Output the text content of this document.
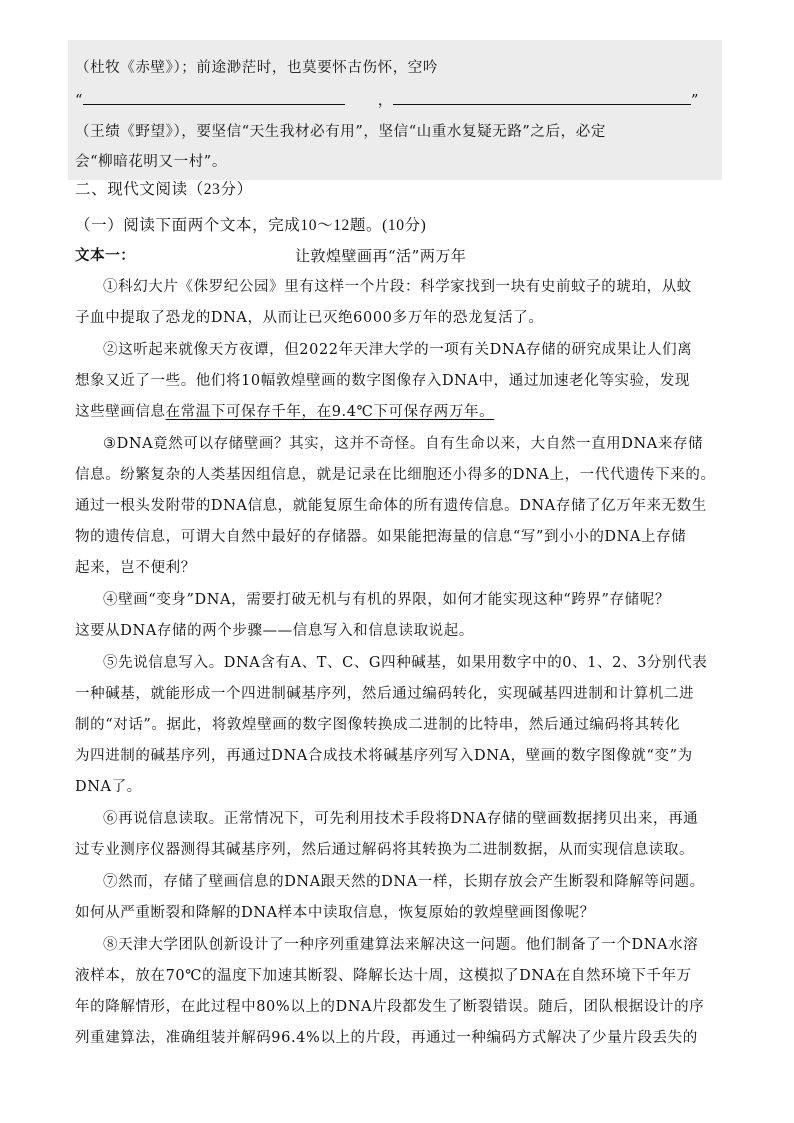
（杜牧《赤壁》）；前途渺茫时，也莫要怀古伤怀，空吟
“	，	”
（王绩《野望》），要坚信“天生我材必有用”，坚信“山重水复疑无路”之后，必定
会“柳暗花明又一村”。
二、现代文阅读（23分）
（一）阅读下面两个文本，完成10～12题。(10分)
文本一：	让敦煌壁画再“活”两万年
①科幻大片《侏罗纪公园》里有这样一个片段：科学家找到一块有史前蚊子的琥珀，从蚊
子血中提取了恐龙的DNA，从而让已灭绝6000多万年的恐龙复活了。
②这听起来就像天方夜谭，但2022年天津大学的一项有关DNA存储的研究成果让人们离
想象又近了一些。他们将10幅敦煌壁画的数字图像存入DNA中，通过加速老化等实验，发现
这些壁画信息在常温下可保存千年，在9.4℃下可保存两万年。
③DNA竟然可以存储壁画？其实，这并不奇怪。自有生命以来，大自然一直用DNA来存储
信息。纷繁复杂的人类基因组信息，就是记录在比细胞还小得多的DNA上，一代代遗传下来的。
通过一根头发附带的DNA信息，就能复原生命体的所有遗传信息。DNA存储了亿万年来无数生
物的遗传信息，可谓大自然中最好的存储器。如果能把海量的信息“写”到小小的DNA上存储
起来，岂不便利？
④壁画“变身”DNA，需要打破无机与有机的界限，如何才能实现这种“跨界”存储呢？
这要从DNA存储的两个步骤——信息写入和信息读取说起。
⑤先说信息写入。DNA含有A、T、C、G四种碱基，如果用数字中的0、1、2、3分别代表
一种碱基，就能形成一个四进制碱基序列，然后通过编码转化，实现碱基四进制和计算机二进
制的“对话”。据此，将敦煌壁画的数字图像转换成二进制的比特串，然后通过编码将其转化
为四进制的碱基序列，再通过DNA合成技术将碱基序列写入DNA，壁画的数字图像就“变”为
DNA了。
⑥再说信息读取。正常情况下，可先利用技术手段将DNA存储的壁画数据拷贝出来，再通
过专业测序仪器测得其碱基序列，然后通过解码将其转换为二进制数据，从而实现信息读取。
⑦然而，存储了壁画信息的DNA跟天然的DNA一样，长期存放会产生断裂和降解等问题。
如何从严重断裂和降解的DNA样本中读取信息，恢复原始的敦煌壁画图像呢？
⑧天津大学团队创新设计了一种序列重建算法来解决这一问题。他们制备了一个DNA水溶
液样本，放在70℃的温度下加速其断裂、降解长达十周，这模拟了DNA在自然环境下千年万
年的降解情形，在此过程中80%以上的DNA片段都发生了断裂错误。随后，团队根据设计的序
列重建算法，准确组装并解码96.4%以上的片段，再通过一种编码方式解决了少量片段丢失的
